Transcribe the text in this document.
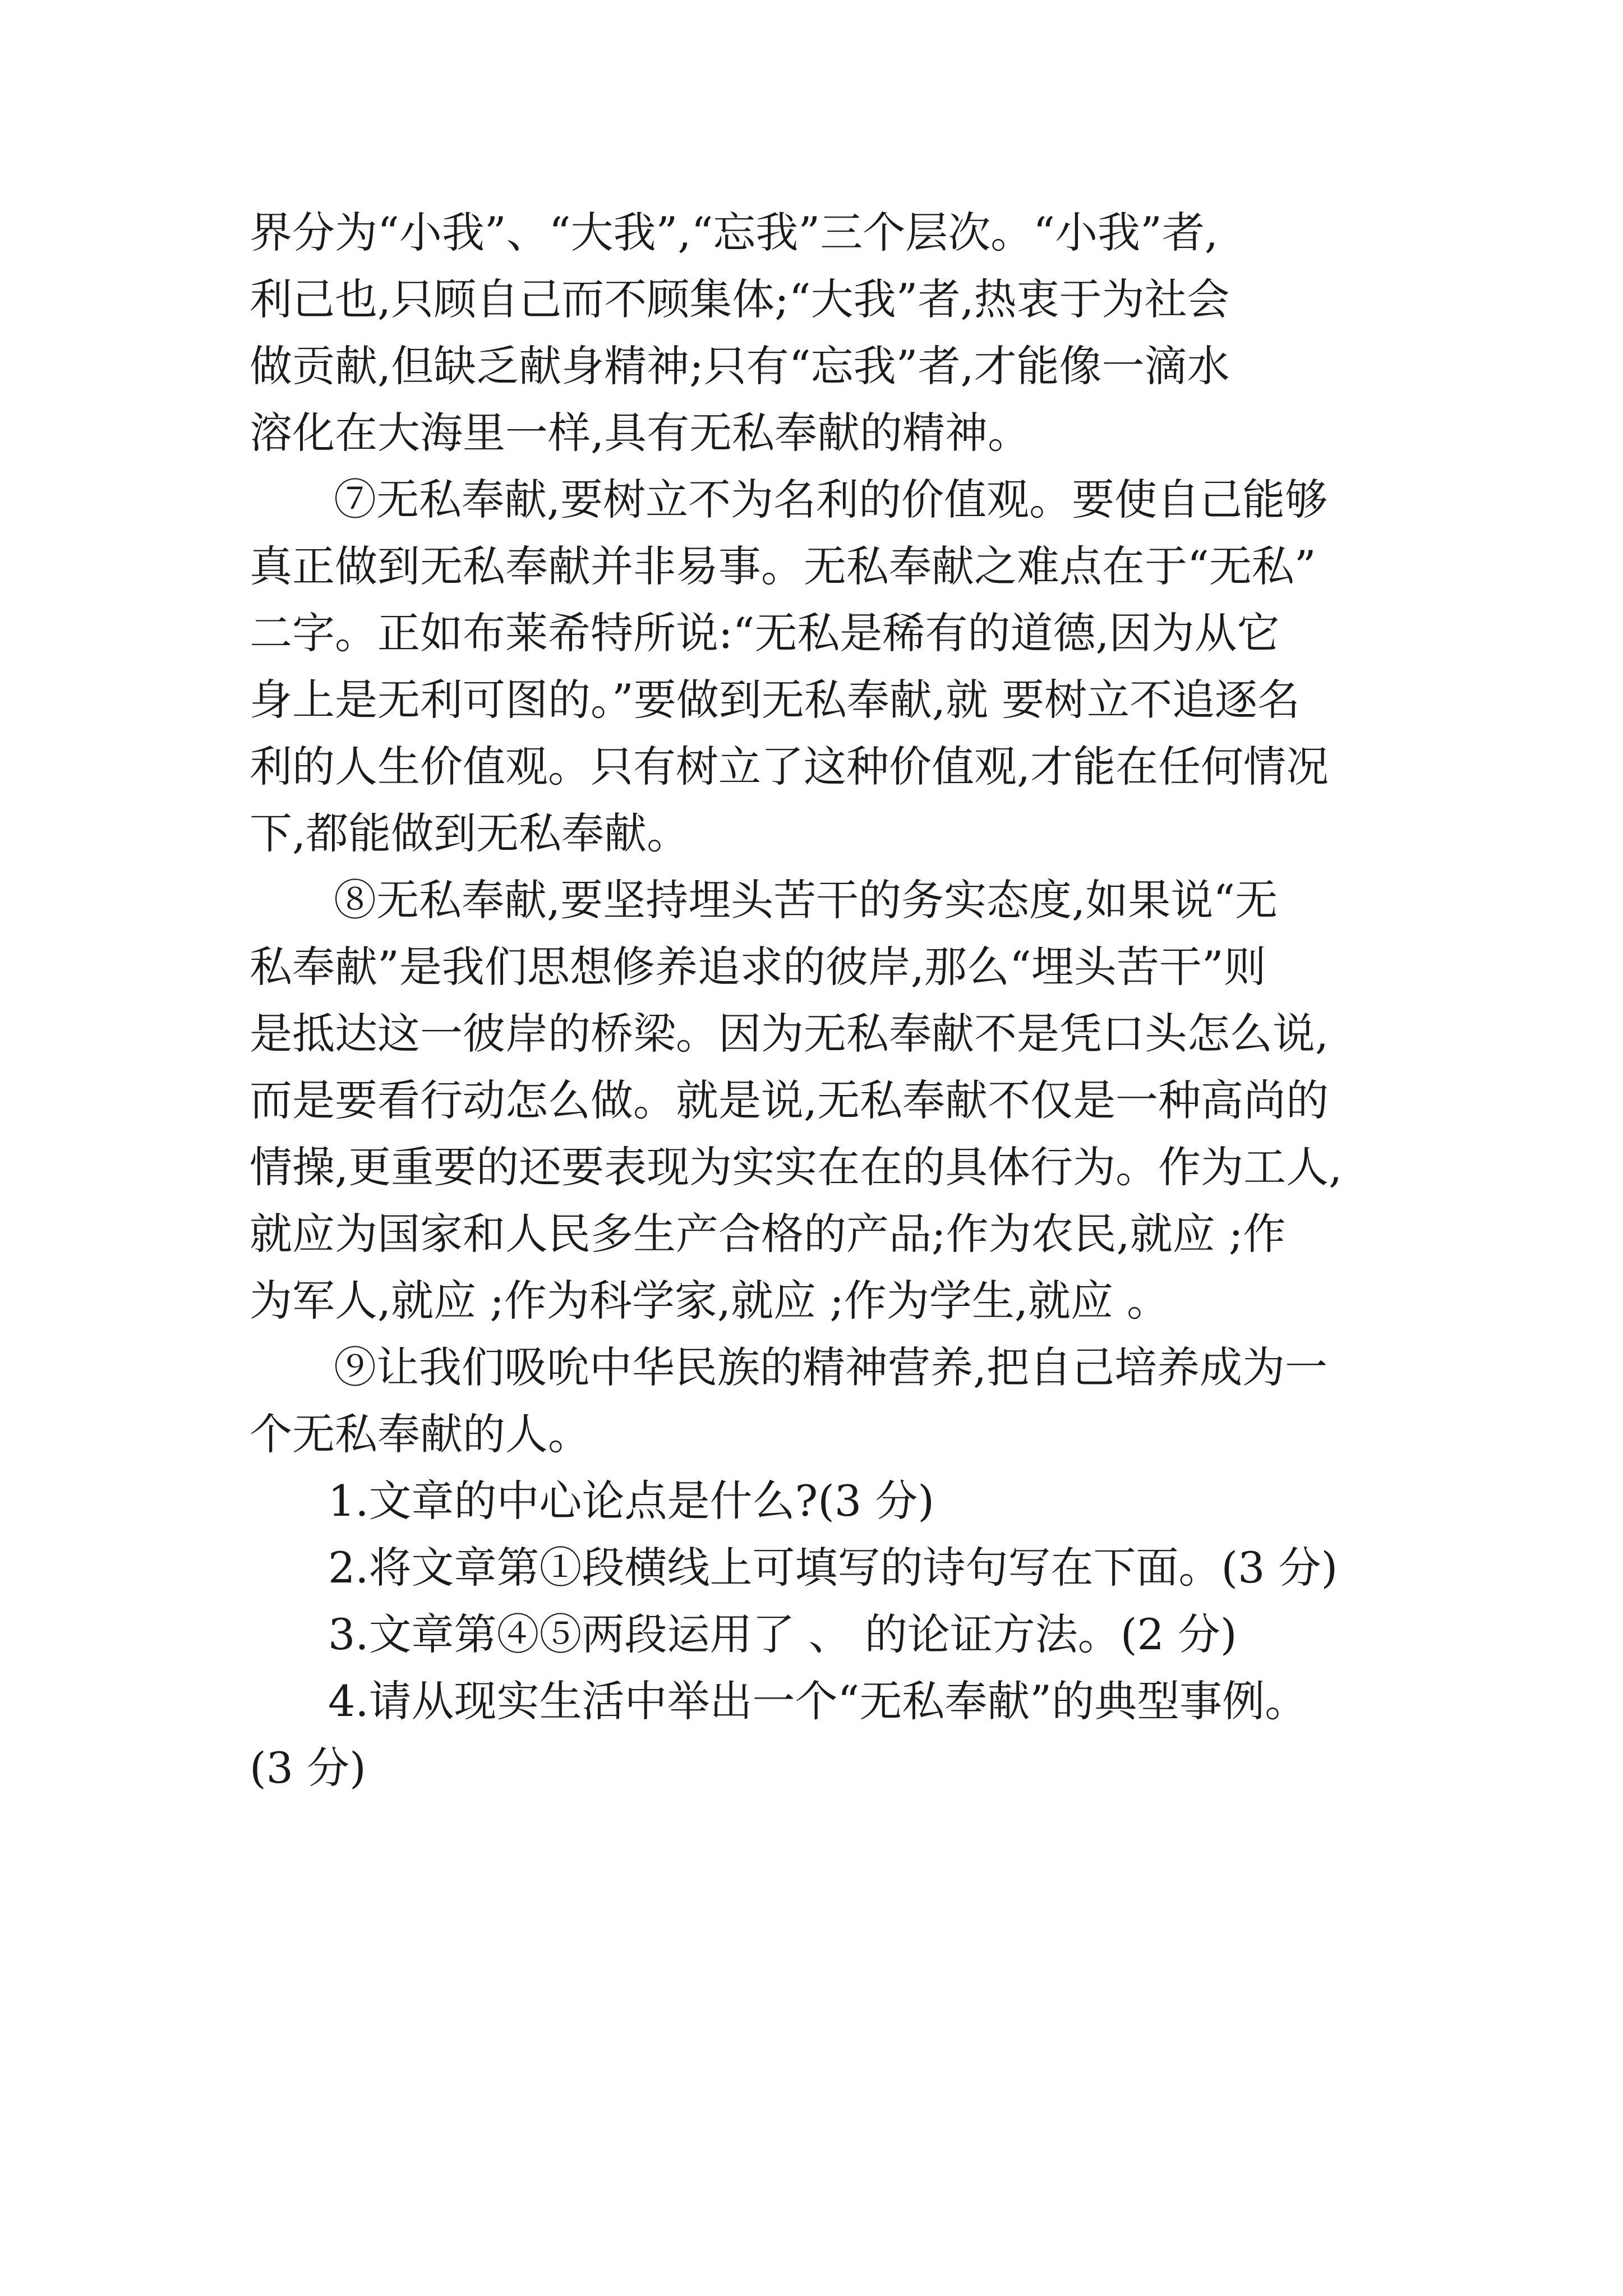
界分为“小我”、“大我”,“忘我”三个层次。“小我”者,
利己也,只顾自己而不顾集体;“大我”者,热衷于为社会
做贡献,但缺乏献身精神;只有“忘我”者,才能像一滴水
溶化在大海里一样,具有无私奉献的精神。
⑦无私奉献,要树立不为名利的价值观。要使自己能够
真正做到无私奉献并非易事。无私奉献之难点在于“无私”
二字。正如布莱希特所说:“无私是稀有的道德,因为从它
身上是无利可图的。”要做到无私奉献,就 要树立不追逐名
利的人生价值观。只有树立了这种价值观,才能在任何情况
下,都能做到无私奉献。
⑧无私奉献,要坚持埋头苦干的务实态度,如果说“无
私奉献”是我们思想修养追求的彼岸,那么“埋头苦干”则
是抵达这一彼岸的桥梁。因为无私奉献不是凭口头怎么说,
而是要看行动怎么做。就是说,无私奉献不仅是一种高尚的
情操,更重要的还要表现为实实在在的具体行为。作为工人,
就应为国家和人民多生产合格的产品;作为农民,就应 ;作
为军人,就应 ;作为科学家,就应 ;作为学生,就应 。
⑨让我们吸吮中华民族的精神营养,把自己培养成为一
个无私奉献的人。
1.文章的中心论点是什么?(3 分)
2.将文章第①段横线上可填写的诗句写在下面。(3 分)
3.文章第④⑤两段运用了 、 的论证方法。(2 分)
4.请从现实生活中举出一个“无私奉献”的典型事例。
(3 分)
